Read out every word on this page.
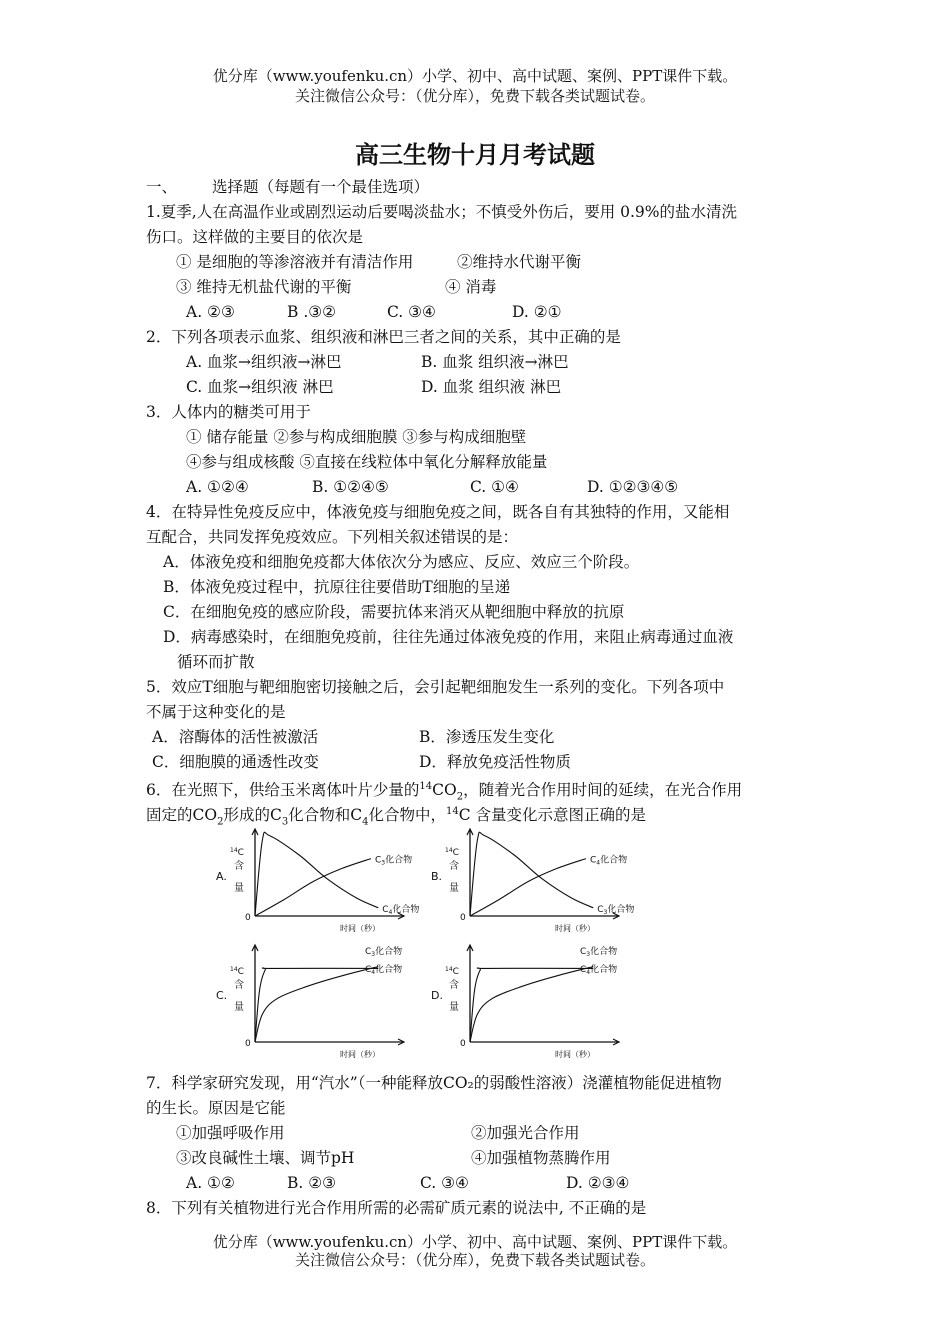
优分库（www.youfenku.cn）小学、初中、高中试题、案例、PPT课件下载。
关注微信公众号：（优分库），免费下载各类试题试卷。
高三生物十月月考试题
一、 选择题（每题有一个最佳选项）
1.夏季,人在高温作业或剧烈运动后要喝淡盐水；不慎受外伤后，要用 0.9%的盐水清洗
伤口。这样做的主要目的依次是
① 是细胞的等渗溶液并有清洁作用	②维持水代谢平衡
③ 维持无机盐代谢的平衡	④ 消毒
A. ②③	B .③②	C. ③④	D. ②①
2．下列各项表示血浆、组织液和淋巴三者之间的关系，其中正确的是
A. 血浆→组织液→淋巴	B. 血浆 组织液→淋巴
C. 血浆→组织液 淋巴	D. 血浆 组织液 淋巴
3．人体内的糖类可用于
① 储存能量 ②参与构成细胞膜 ③参与构成细胞壁
④参与组成核酸 ⑤直接在线粒体中氧化分解释放能量
A. ①②④	B. ①②④⑤	C. ①④	D. ①②③④⑤
4．在特异性免疫反应中，体液免疫与细胞免疫之间，既各自有其独特的作用，又能相
互配合，共同发挥免疫效应。下列相关叙述错误的是：
A．体液免疫和细胞免疫都大体依次分为感应、反应、效应三个阶段。
B．体液免疫过程中，抗原往往要借助T细胞的呈递
C．在细胞免疫的感应阶段，需要抗体来消灭从靶细胞中释放的抗原
D．病毒感染时，在细胞免疫前，往往先通过体液免疫的作用，来阻止病毒通过血液
循环而扩散
5．效应T细胞与靶细胞密切接触之后，会引起靶细胞发生一系列的变化。下列各项中
不属于这种变化的是
A．溶酶体的活性被激活	B．渗透压发生变化
C．细胞膜的通透性改变	D．释放免疫活性物质
6．在光照下，供给玉米离体叶片少量的$^{14}CO_2$，随着光合作用时间的延续，在光合作用
固定的$CO_2$形成的$C_3$化合物和$C_4$化合物中，$^{14}$C 含量变化示意图正确的是
0
$^{14}$C
含
量
A.
时间（秒）
$C_4$化合物
$C_3$化合物
0
$^{14}$C
含
量
B.
时间（秒）
$C_3$化合物
$C_4$化合物
0
$^{14}$C
含
量
C.
时间（秒）
$C_3$化合物
$C_4$化合物
0
$^{14}$C
含
量
D.
时间（秒）
$C_3$化合物
$C_4$化合物
7．科学家研究发现，用“汽水”（一种能释放CO₂的弱酸性溶液）浇灌植物能促进植物
的生长。原因是它能
①加强呼吸作用	②加强光合作用
③改良碱性土壤、调节pH	④加强植物蒸腾作用
A. ①②	B. ②③	C. ③④	D. ②③④
8．下列有关植物进行光合作用所需的必需矿质元素的说法中, 不正确的是
优分库（www.youfenku.cn）小学、初中、高中试题、案例、PPT课件下载。
关注微信公众号：（优分库），免费下载各类试题试卷。
